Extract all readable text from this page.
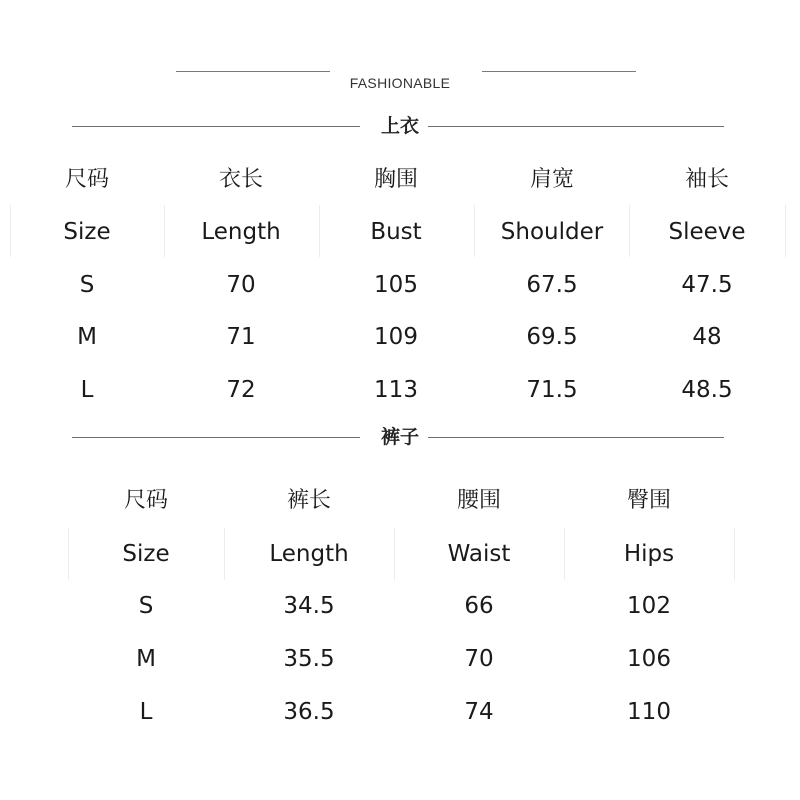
FASHIONABLE
上衣
尺码	衣长	胸围	肩宽	袖长
Size	Length	Bust	Shoulder	Sleeve
S	70	105	67.5	47.5
M	71	109	69.5	48
L	72	113	71.5	48.5
裤子
尺码	裤长	腰围	臀围
Size	Length	Waist	Hips
S	34.5	66	102
M	35.5	70	106
L	36.5	74	110
